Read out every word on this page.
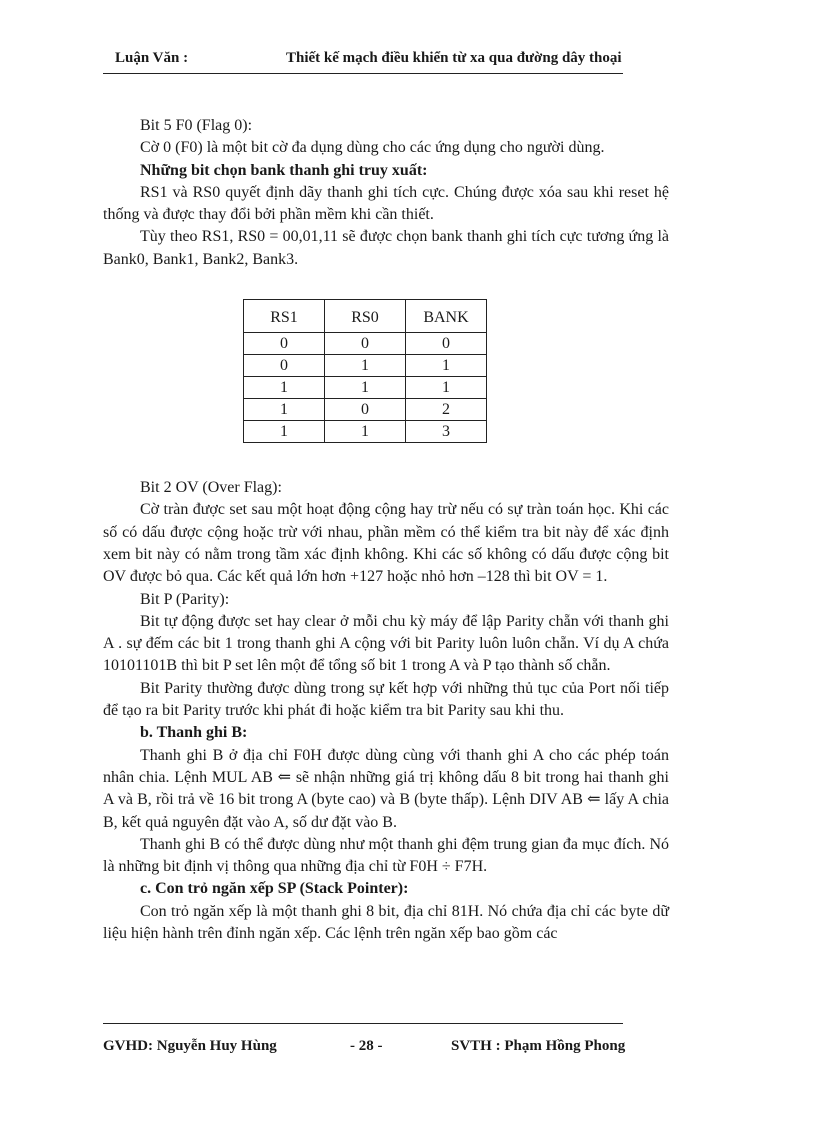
Luận Văn :	Thiết kế mạch điều khiển từ xa qua đường dây thoại

Bit 5 F0 (Flag 0):

Cờ 0 (F0) là một bit cờ đa dụng dùng cho các ứng dụng cho người dùng.

Những bit chọn bank thanh ghi truy xuất:

RS1 và RS0 quyết định dãy thanh ghi tích cực. Chúng được xóa sau khi reset hệ thống và được thay đổi bởi phần mềm khi cần thiết.

Tùy theo RS1, RS0 = 00,01,11 sẽ được chọn bank thanh ghi tích cực tương ứng là Bank0, Bank1, Bank2, Bank3.

RS1	RS0	BANK
0	0	0
0	1	1
1	1	1
1	0	2
1	1	3

Bit 2 OV (Over Flag):

Cờ tràn được set sau một hoạt động cộng hay trừ nếu có sự tràn toán học. Khi các số có dấu được cộng hoặc trừ với nhau, phần mềm có thể kiểm tra bit này để xác định xem bit này có nằm trong tầm xác định không. Khi các số không có dấu được cộng bit OV được bỏ qua. Các kết quả lớn hơn +127 hoặc nhỏ hơn –128 thì bit OV = 1.

Bit P (Parity):

Bit tự động được set hay clear ở mỗi chu kỳ máy để lập Parity chẵn với thanh ghi A . sự đếm các bit 1 trong thanh ghi A cộng với bit Parity luôn luôn chẵn. Ví dụ A chứa 10101101B thì bit P set lên một để tổng số bit 1 trong A và P tạo thành số chẵn.

Bit Parity thường được dùng trong sự kết hợp với những thủ tục của Port nối tiếp để tạo ra bit Parity trước khi phát đi hoặc kiểm tra bit Parity sau khi thu.

b. Thanh ghi B:

Thanh ghi B ở địa chỉ F0H được dùng cùng với thanh ghi A cho các phép toán nhân chia. Lệnh MUL AB ⇐ sẽ nhận những giá trị không dấu 8 bit trong hai thanh ghi A và B, rồi trả về 16 bit trong A (byte cao) và B (byte thấp). Lệnh DIV AB ⇐ lấy A chia B, kết quả nguyên đặt vào A, số dư đặt vào B.

Thanh ghi B có thể được dùng như một thanh ghi đệm trung gian đa mục đích. Nó là những bit định vị thông qua những địa chỉ từ F0H ÷ F7H.

c. Con trỏ ngăn xếp SP (Stack Pointer):

Con trỏ ngăn xếp là một thanh ghi 8 bit, địa chỉ 81H. Nó chứa địa chỉ các byte dữ liệu hiện hành trên đỉnh ngăn xếp. Các lệnh trên ngăn xếp bao gồm các

GVHD: Nguyễn Huy Hùng	- 28 -	SVTH : Phạm Hồng Phong
